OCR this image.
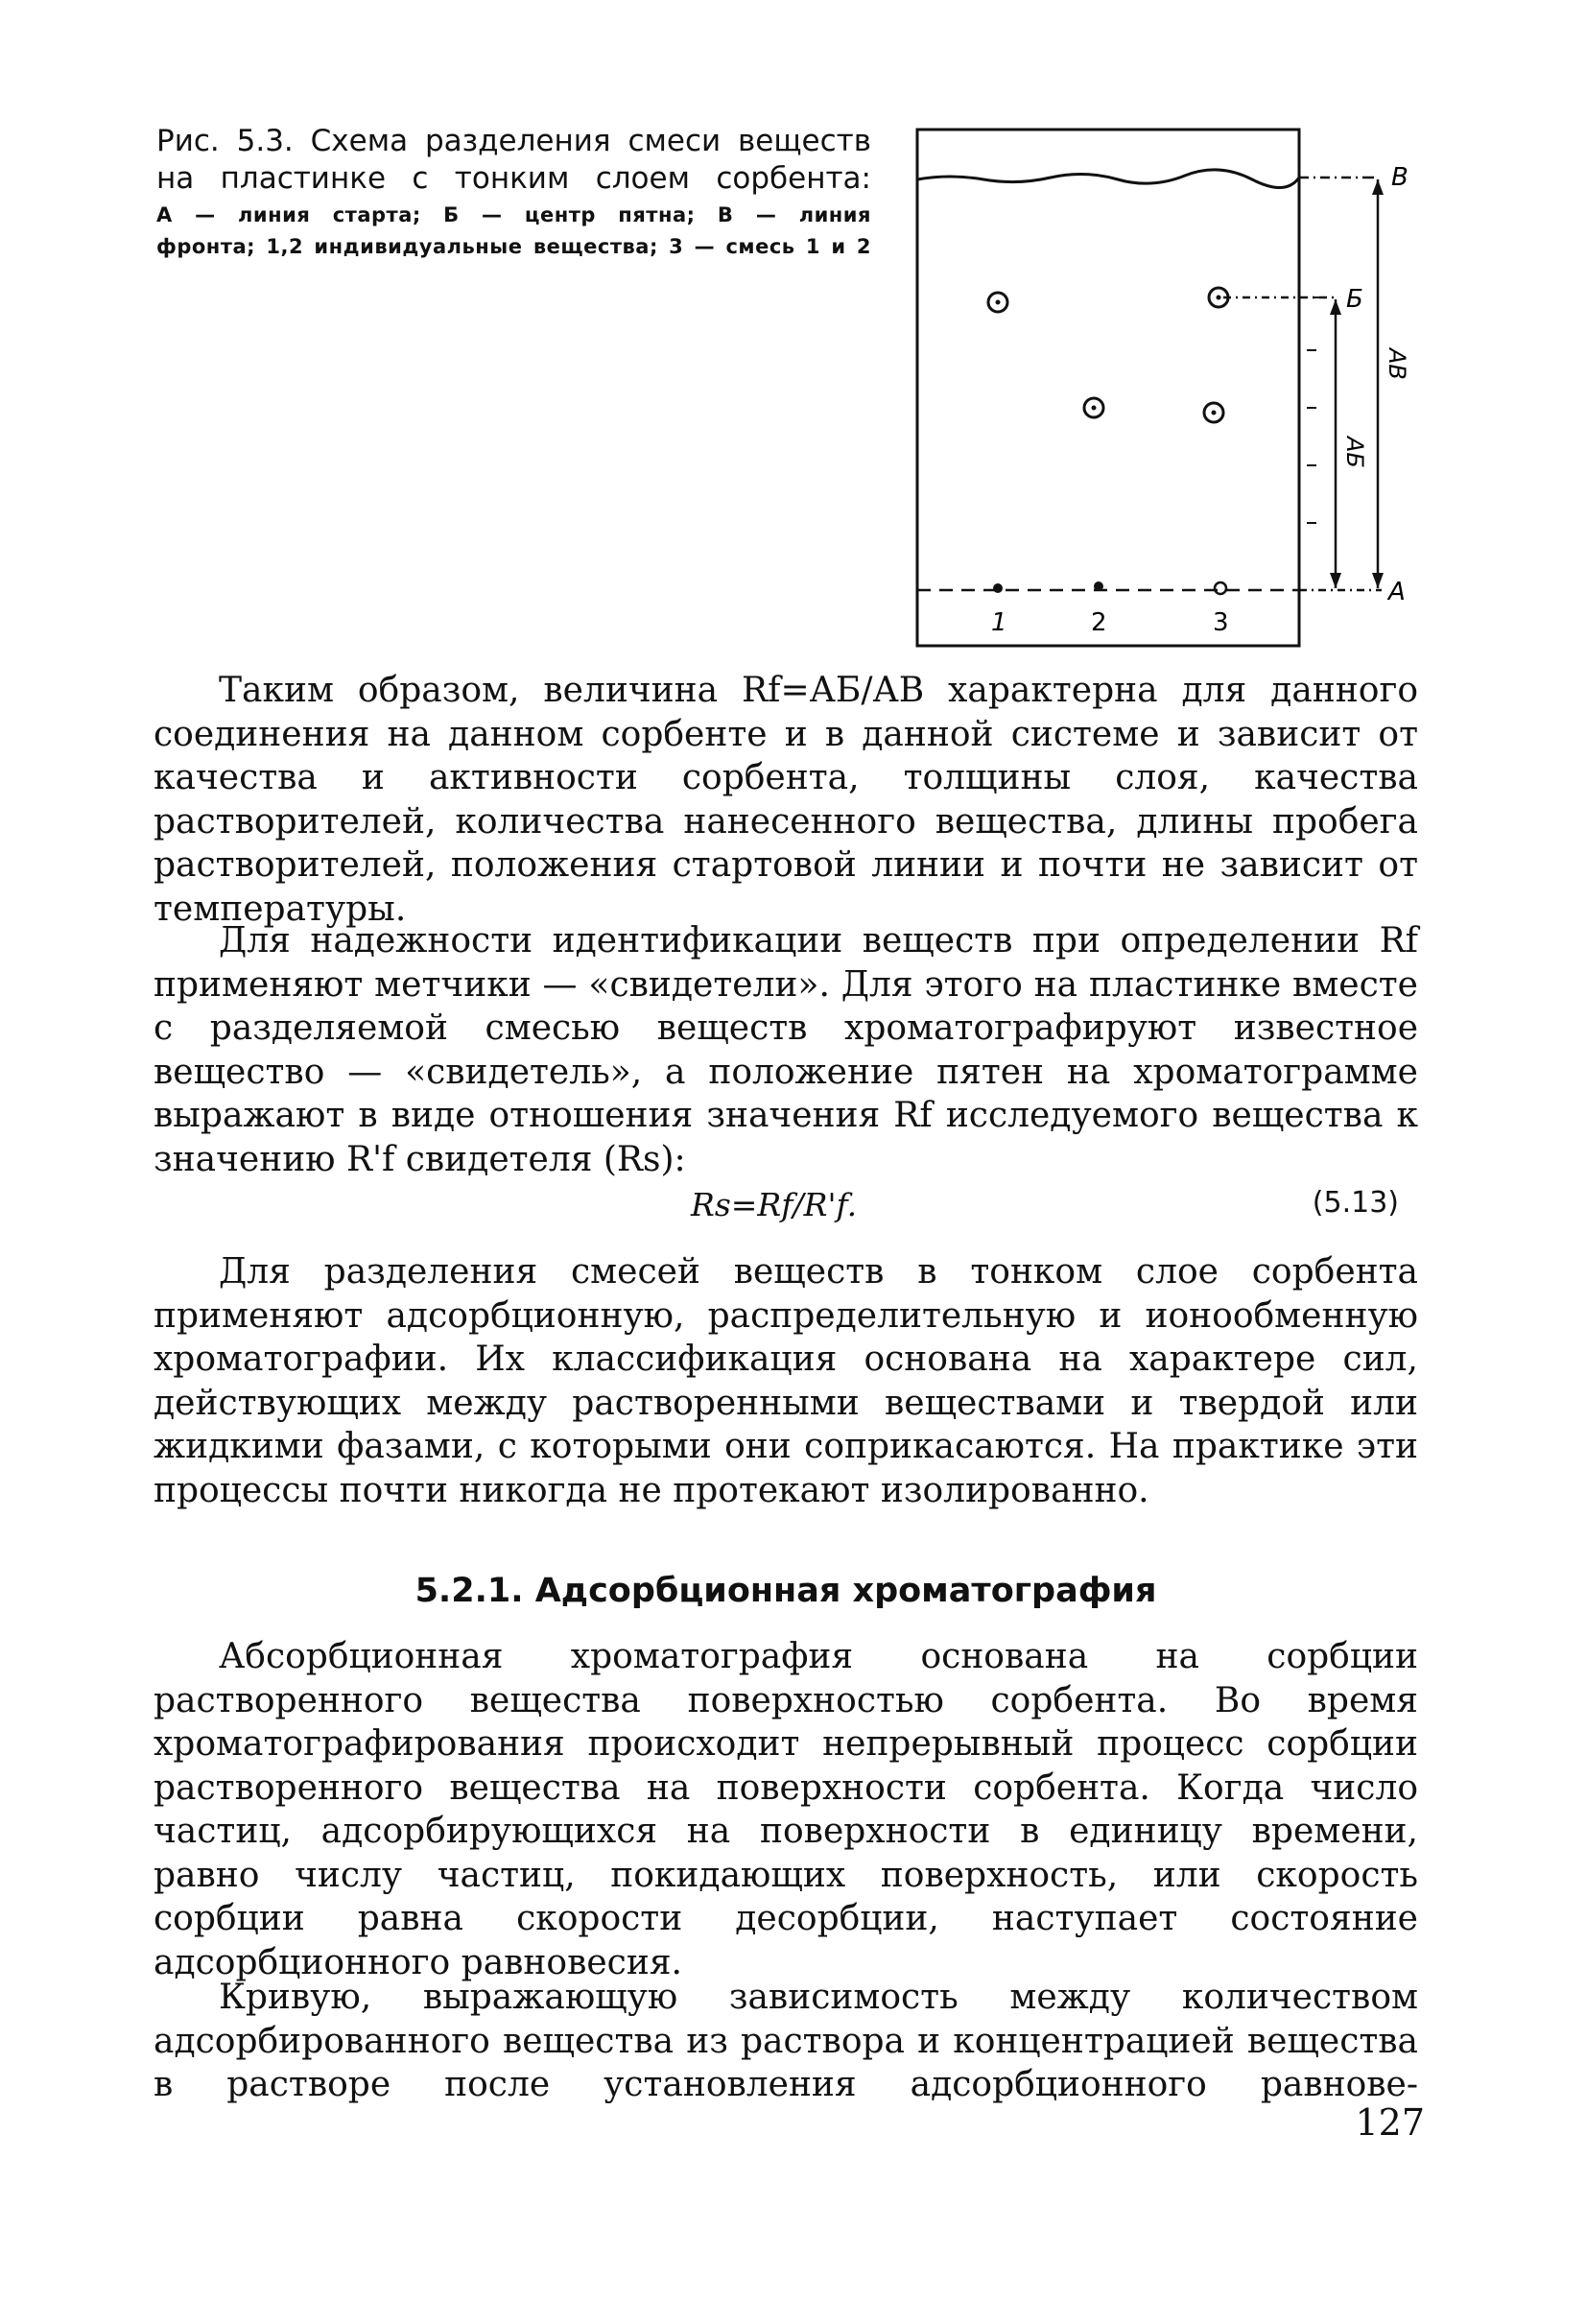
Рис. 5.3. Схема разделения смеси веществ

на пластинке с тонким слоем сорбента:

А — линия старта; Б — центр пятна; В — линия

фронта; 1,2 индивидуальные вещества; 3 — смесь 1 и 2

В
Б
А
АБ
АВ
1	2	3

Таким образом, величина Rf=АБ/АВ характерна для данного соединения на данном сорбенте и в данной системе и зависит от качества и активности сорбента, толщины слоя, качества растворителей, количества нанесенного вещества, длины пробега растворителей, положения стартовой линии и почти не зависит от температуры.

Для надежности идентификации веществ при определении Rf применяют метчики — «свидетели». Для этого на пластинке вместе с разделяемой смесью веществ хроматографируют известное вещество — «свидетель», а положение пятен на хроматограмме выражают в виде отношения значения Rf исследуемого вещества к значению R'f свидетеля (Rs):

Rs=Rf/R'f.	(5.13)

Для разделения смесей веществ в тонком слое сорбента применяют адсорбционную, распределительную и ионообменную хроматографии. Их классификация основана на характере сил, действующих между растворенными веществами и твердой или жидкими фазами, с которыми они соприкасаются. На практике эти процессы почти никогда не протекают изолированно.

5.2.1. Адсорбционная хроматография

Абсорбционная хроматография основана на сорбции растворенного вещества поверхностью сорбента. Во время хроматографирования происходит непрерывный процесс сорбции растворенного вещества на поверхности сорбента. Когда число частиц, адсорбирующихся на поверхности в единицу времени, равно числу частиц, покидающих поверхность, или скорость сорбции равна скорости десорбции, наступает состояние адсорбционного равновесия.

Кривую, выражающую зависимость между количеством адсорбированного вещества из раствора и концентрацией вещества в растворе после установления адсорбционного равнове-

127
